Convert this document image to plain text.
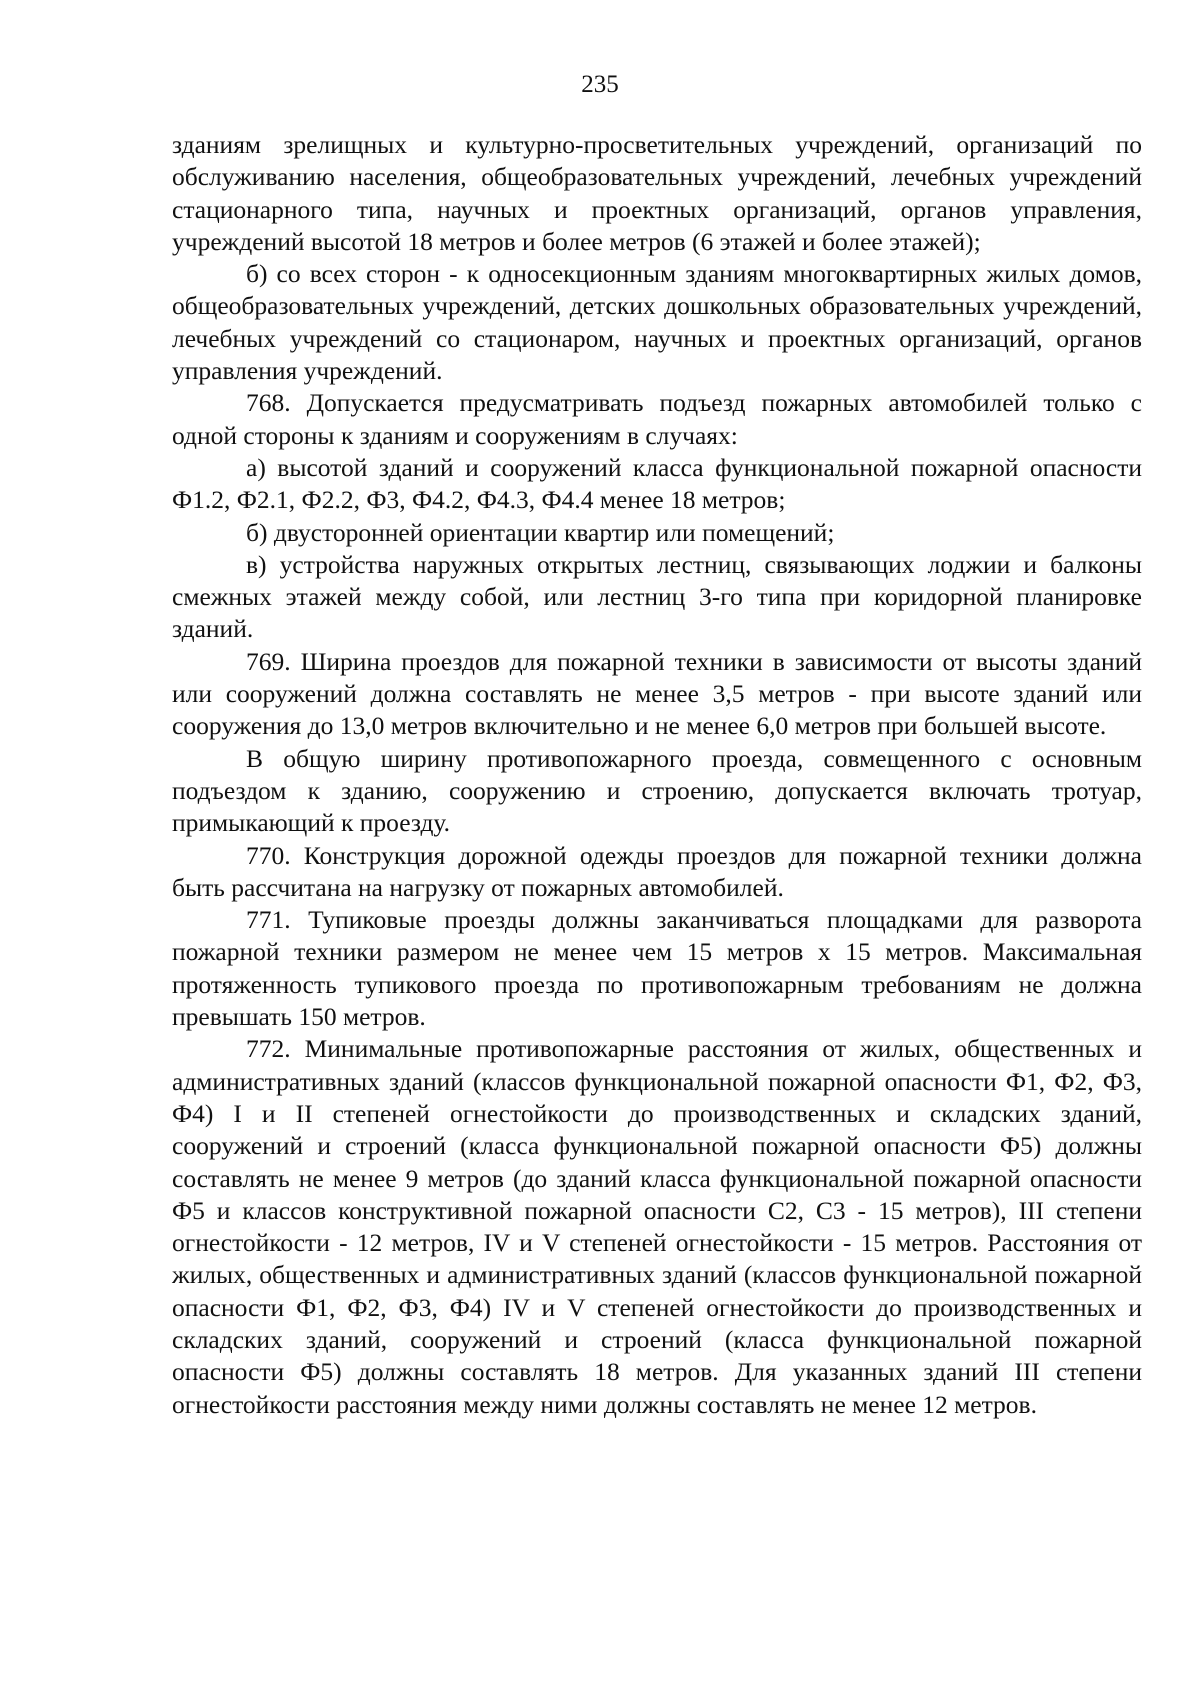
235

зданиям зрелищных и культурно-просветительных учреждений, организаций по обслуживанию населения, общеобразовательных учреждений, лечебных учреждений стационарного типа, научных и проектных организаций, органов управления, учреждений высотой 18 метров и более метров (6 этажей и более этажей);

б) со всех сторон - к односекционным зданиям многоквартирных жилых домов, общеобразовательных учреждений, детских дошкольных образовательных учреждений, лечебных учреждений со стационаром, научных и проектных организаций, органов управления учреждений.

768. Допускается предусматривать подъезд пожарных автомобилей только с одной стороны к зданиям и сооружениям в случаях:

а) высотой зданий и сооружений класса функциональной пожарной опасности Ф1.2, Ф2.1, Ф2.2, Ф3, Ф4.2, Ф4.3, Ф4.4 менее 18 метров;

б) двусторонней ориентации квартир или помещений;

в) устройства наружных открытых лестниц, связывающих лоджии и балконы смежных этажей между собой, или лестниц 3-го типа при коридорной планировке зданий.

769. Ширина проездов для пожарной техники в зависимости от высоты зданий или сооружений должна составлять не менее 3,5 метров - при высоте зданий или сооружения до 13,0 метров включительно и не менее 6,0 метров при большей высоте.

В общую ширину противопожарного проезда, совмещенного с основным подъездом к зданию, сооружению и строению, допускается включать тротуар, примыкающий к проезду.

770. Конструкция дорожной одежды проездов для пожарной техники должна быть рассчитана на нагрузку от пожарных автомобилей.

771. Тупиковые проезды должны заканчиваться площадками для разворота пожарной техники размером не менее чем 15 метров x 15 метров. Максимальная протяженность тупикового проезда по противопожарным требованиям не должна превышать 150 метров.

772. Минимальные противопожарные расстояния от жилых, общественных и административных зданий (классов функциональной пожарной опасности Ф1, Ф2, Ф3, Ф4) I и II степеней огнестойкости до производственных и складских зданий, сооружений и строений (класса функциональной пожарной опасности Ф5) должны составлять не менее 9 метров (до зданий класса функциональной пожарной опасности Ф5 и классов конструктивной пожарной опасности С2, С3 - 15 метров), III степени огнестойкости - 12 метров, IV и V степеней огнестойкости - 15 метров. Расстояния от жилых, общественных и административных зданий (классов функциональной пожарной опасности Ф1, Ф2, Ф3, Ф4) IV и V степеней огнестойкости до производственных и складских зданий, сооружений и строений (класса функциональной пожарной опасности Ф5) должны составлять 18 метров. Для указанных зданий III степени огнестойкости расстояния между ними должны составлять не менее 12 метров.
